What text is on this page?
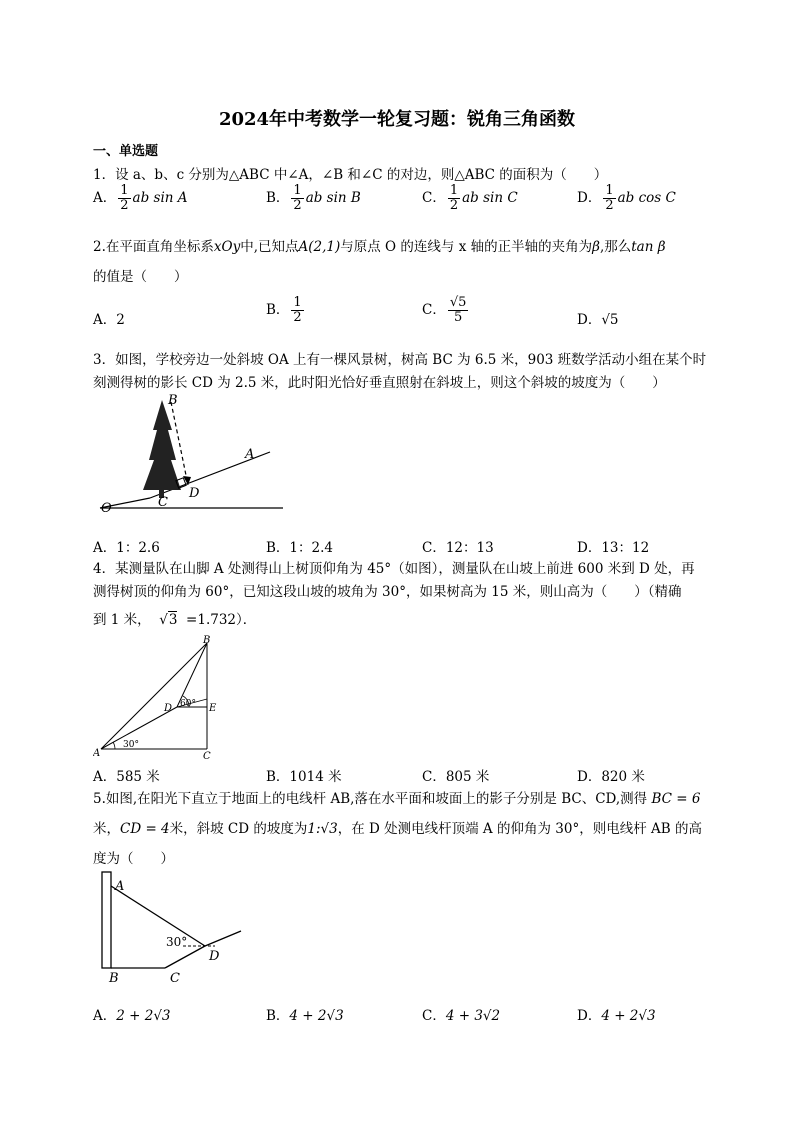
2024年中考数学一轮复习题：锐角三角函数
一、单选题
1．设 a、b、c 分别为△ABC 中∠A，∠B 和∠C 的对边，则△ABC 的面积为（　　）
A． $\frac{1}{2}$ ab sin A	B． $\frac{1}{2}$ ab sin B	C． $\frac{1}{2}$ ab sin C	D． $\frac{1}{2}$ ab cos C
2.在平面直角坐标系xOy中,已知点A(2,1)与原点 O 的连线与 x 轴的正半轴的夹角为β,那么tan β
的值是（　　）
A．2
B． $\frac{1}{2}$	C． $\frac{√5}{5}$	D．√5
3．如图，学校旁边一处斜坡 OA 上有一棵风景树，树高 BC 为 6.5 米，903 班数学活动小组在某个时
刻测得树的影长 CD 为 2.5 米，此时阳光恰好垂直照射在斜坡上，则这个斜坡的坡度为（　　）
B
A
O	C
D
A．1：2.6	B．1：2.4	C．12：13	D．13：12
4．某测量队在山脚 A 处测得山上树顶仰角为 45°（如图），测量队在山坡上前进 600 米到 D 处，再
测得树顶的仰角为 60°，已知这段山坡的坡角为 30°，如果树高为 15 米，则山高为（　　）（精确
到 1 米，  √3 =1.732）．
B
D	E
A	C
60°
30°
A．585 米	B．1014 米	C．805 米	D．820 米
5.如图,在阳光下直立于地面上的电线杆 AB,落在水平面和坡面上的影子分别是 BC、CD,测得 BC = 6
米，CD = 4米，斜坡 CD 的坡度为1:√3，在 D 处测电线杆顶端 A 的仰角为 30°，则电线杆 AB 的高
度为（　　）
A
B	C
D
30°
A．2 + 2√3	B．4 + 2√3	C．4 + 3√2	D．4 + 2√3
